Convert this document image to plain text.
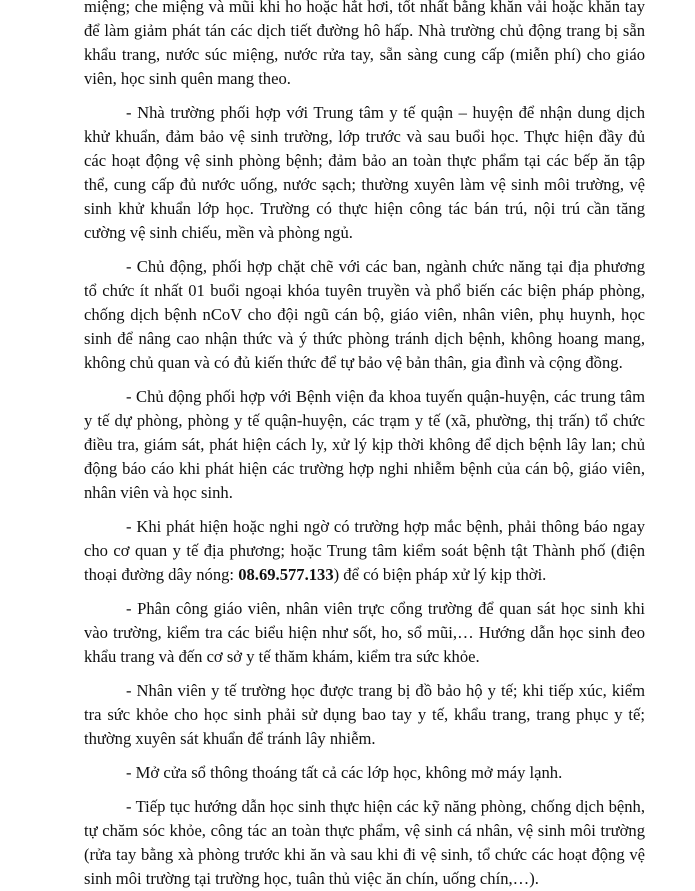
miệng; che miệng và mũi khi ho hoặc hắt hơi, tốt nhất bằng khăn vải hoặc khăn tay để làm giảm phát tán các dịch tiết đường hô hấp. Nhà trường chủ động trang bị sẵn khẩu trang, nước súc miệng, nước rửa tay, sẵn sàng cung cấp (miễn phí) cho giáo viên, học sinh quên mang theo.

- Nhà trường phối hợp với Trung tâm y tế quận – huyện để nhận dung dịch khử khuẩn, đảm bảo vệ sinh trường, lớp trước và sau buổi học. Thực hiện đầy đủ các hoạt động vệ sinh phòng bệnh; đảm bảo an toàn thực phẩm tại các bếp ăn tập thể, cung cấp đủ nước uống, nước sạch; thường xuyên làm vệ sinh môi trường, vệ sinh khử khuẩn lớp học. Trường có thực hiện công tác bán trú, nội trú cần tăng cường vệ sinh chiếu, mền và phòng ngủ.

- Chủ động, phối hợp chặt chẽ với các ban, ngành chức năng tại địa phương tổ chức ít nhất 01 buổi ngoại khóa tuyên truyền và phổ biến các biện pháp phòng, chống dịch bệnh nCoV cho đội ngũ cán bộ, giáo viên, nhân viên, phụ huynh, học sinh để nâng cao nhận thức và ý thức phòng tránh dịch bệnh, không hoang mang, không chủ quan và có đủ kiến thức để tự bảo vệ bản thân, gia đình và cộng đồng.

- Chủ động phối hợp với Bệnh viện đa khoa tuyến quận-huyện, các trung tâm y tế dự phòng, phòng y tế quận-huyện, các trạm y tế (xã, phường, thị trấn) tổ chức điều tra, giám sát, phát hiện cách ly, xử lý kịp thời không để dịch bệnh lây lan; chủ động báo cáo khi phát hiện các trường hợp nghi nhiễm bệnh của cán bộ, giáo viên, nhân viên và học sinh.

- Khi phát hiện hoặc nghi ngờ có trường hợp mắc bệnh, phải thông báo ngay cho cơ quan y tế địa phương; hoặc Trung tâm kiểm soát bệnh tật Thành phố (điện thoại đường dây nóng: 08.69.577.133) để có biện pháp xử lý kịp thời.

- Phân công giáo viên, nhân viên trực cổng trường để quan sát học sinh khi vào trường, kiểm tra các biểu hiện như sốt, ho, sổ mũi,… Hướng dẫn học sinh đeo khẩu trang và đến cơ sở y tế thăm khám, kiểm tra sức khỏe.

- Nhân viên y tế trường học được trang bị đồ bảo hộ y tế; khi tiếp xúc, kiểm tra sức khỏe cho học sinh phải sử dụng bao tay y tế, khẩu trang, trang phục y tế; thường xuyên sát khuẩn để tránh lây nhiễm.

- Mở cửa sổ thông thoáng tất cả các lớp học, không mở máy lạnh.

- Tiếp tục hướng dẫn học sinh thực hiện các kỹ năng phòng, chống dịch bệnh, tự chăm sóc khỏe, công tác an toàn thực phẩm, vệ sinh cá nhân, vệ sinh môi trường (rửa tay bằng xà phòng trước khi ăn và sau khi đi vệ sinh, tổ chức các hoạt động vệ sinh môi trường tại trường học, tuân thủ việc ăn chín, uống chín,…).
